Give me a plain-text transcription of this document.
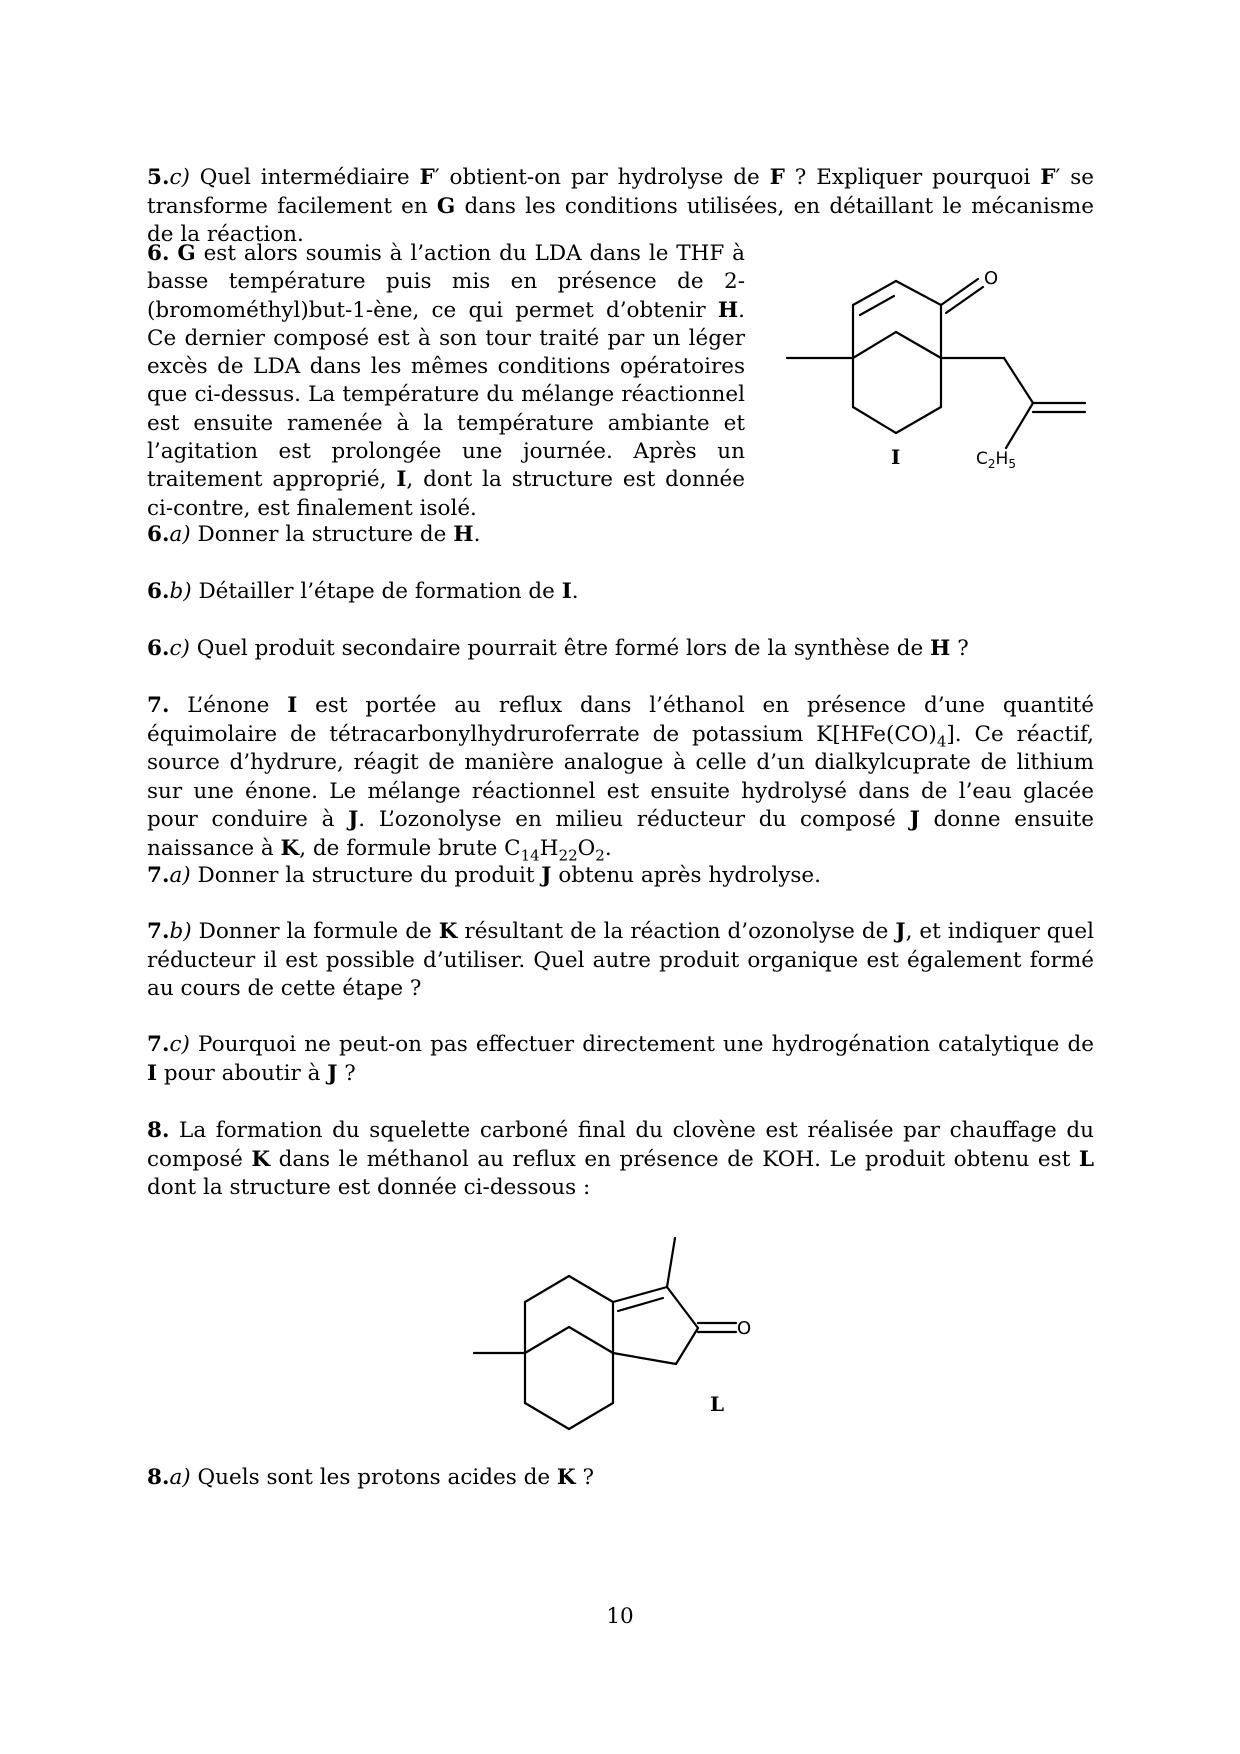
5.c) Quel intermédiaire F′ obtient-on par hydrolyse de F ? Expliquer pourquoi F′ se transforme facilement en G dans les conditions utilisées, en détaillant le mécanisme de la réaction.

6. G est alors soumis à l’action du LDA dans le THF à basse température puis mis en présence de 2-(bromométhyl)but-1-ène, ce qui permet d’obtenir H. Ce dernier composé est à son tour traité par un léger excès de LDA dans les mêmes conditions opératoires que ci-dessus. La température du mélange réactionnel est ensuite ramenée à la température ambiante et l’agitation est prolongée une journée. Après un traitement approprié, I, dont la structure est donnée ci-contre, est finalement isolé.

O
I	$C_2H_5$

6.a) Donner la structure de H.

6.b) Détailler l’étape de formation de I.

6.c) Quel produit secondaire pourrait être formé lors de la synthèse de H ?

7. L’énone I est portée au reflux dans l’éthanol en présence d’une quantité équimolaire de tétracarbonylhydruroferrate de potassium $K[HFe(CO)_4]$. Ce réactif, source d’hydrure, réagit de manière analogue à celle d’un dialkylcuprate de lithium sur une énone. Le mélange réactionnel est ensuite hydrolysé dans de l’eau glacée pour conduire à J. L’ozonolyse en milieu réducteur du composé J donne ensuite naissance à K, de formule brute $C_{14}H_{22}O_2$.

7.a) Donner la structure du produit J obtenu après hydrolyse.

7.b) Donner la formule de K résultant de la réaction d’ozonolyse de J, et indiquer quel réducteur il est possible d’utiliser. Quel autre produit organique est également formé au cours de cette étape ?

7.c) Pourquoi ne peut-on pas effectuer directement une hydrogénation catalytique de I pour aboutir à J ?

8. La formation du squelette carboné final du clovène est réalisée par chauffage du composé K dans le méthanol au reflux en présence de KOH. Le produit obtenu est L dont la structure est donnée ci-dessous :

O
L

8.a) Quels sont les protons acides de K ?

10
